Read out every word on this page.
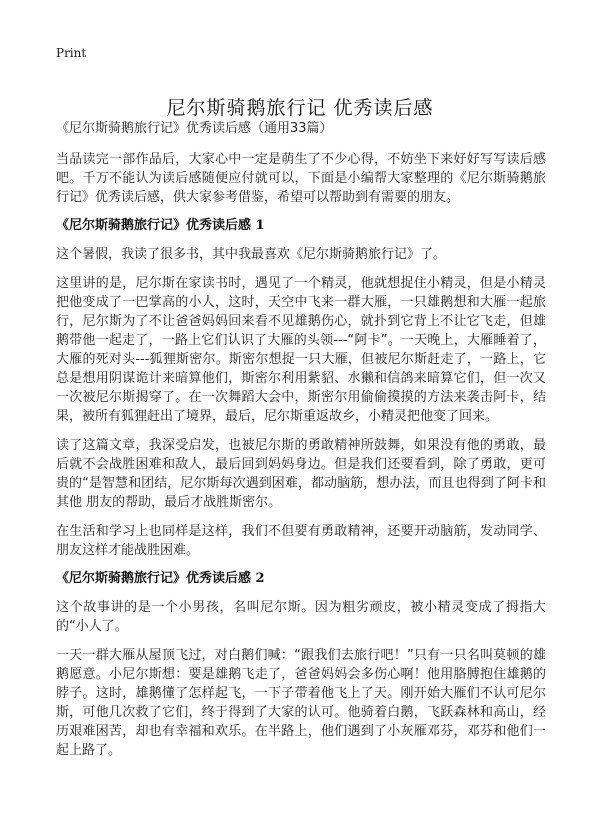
Print
尼尔斯骑鹅旅行记 优秀读后感
《尼尔斯骑鹅旅行记》优秀读后感（通用33篇）

当品读完一部作品后，大家心中一定是萌生了不少心得，不妨坐下来好好写写读后感吧。千万不能认为读后感随便应付就可以，下面是小编帮大家整理的《尼尔斯骑鹅旅行记》优秀读后感，供大家参考借鉴，希望可以帮助到有需要的朋友。

《尼尔斯骑鹅旅行记》优秀读后感 1

这个暑假，我读了很多书，其中我最喜欢《尼尔斯骑鹅旅行记》了。

这里讲的是，尼尔斯在家读书时，遇见了一个精灵，他就想捉住小精灵，但是小精灵把他变成了一巴掌高的小人，这时，天空中飞来一群大雁，一只雄鹅想和大雁一起旅行，尼尔斯为了不让爸爸妈妈回来看不见雄鹅伤心，就扑到它背上不让它飞走，但雄鹅带他一起走了，一路上它们认识了大雁的头领---“阿卡”。一天晚上，大雁睡着了，大雁的死对头---狐狸斯密尔。斯密尔想捉一只大雁，但被尼尔斯赶走了，一路上，它总是想用阴谋诡计来暗算他们，斯密尔利用紫貂、水獭和信鸽来暗算它们，但一次又一次被尼尔斯揭穿了。在一次舞蹈大会中，斯密尔用偷偷摸摸的方法来袭击阿卡，结果，被所有狐狸赶出了境界，最后，尼尔斯重返故乡，小精灵把他变了回来。

读了这篇文章，我深受启发，也被尼尔斯的勇敢精神所鼓舞，如果没有他的勇敢，最后就不会战胜困难和敌人，最后回到妈妈身边。但是我们还要看到，除了勇敢，更可贵的“是智慧和团结，尼尔斯每次遇到困难，都动脑筋，想办法，而且也得到了阿卡和其他 朋友的帮助，最后才战胜斯密尔。

在生活和学习上也同样是这样，我们不但要有勇敢精神，还要开动脑筋，发动同学、朋友这样才能战胜困难。

《尼尔斯骑鹅旅行记》优秀读后感 2

这个故事讲的是一个小男孩，名叫尼尔斯。因为粗劣顽皮，被小精灵变成了拇指大的“小人了。

一天一群大雁从屋顶飞过，对白鹅们喊：“跟我们去旅行吧！”只有一只名叫莫顿的雄鹅愿意。小尼尔斯想：要是雄鹅飞走了，爸爸妈妈会多伤心啊！他用胳膊抱住雄鹅的脖子。这时，雄鹅懂了怎样起飞，一下子带着他飞上了天。刚开始大雁们不认可尼尔斯，可他几次救了它们，终于得到了大家的认可。他骑着白鹅，飞跃森林和高山，经历艰难困苦，却也有幸福和欢乐。在半路上，他们遇到了小灰雁邓芬，邓芬和他们一起上路了。
